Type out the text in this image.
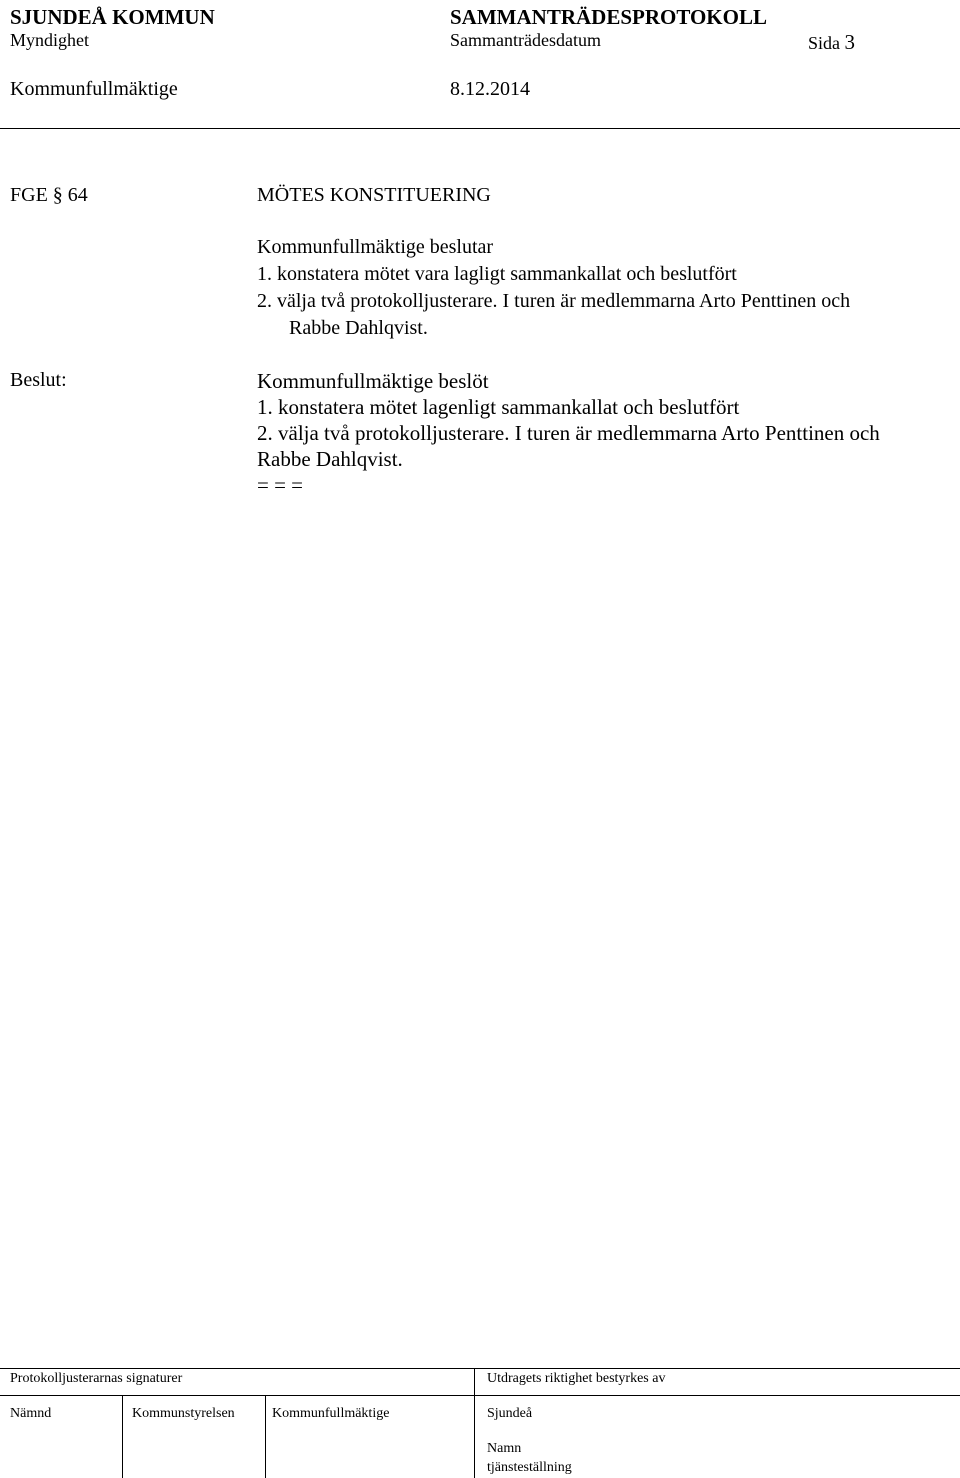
SJUNDEÅ KOMMUN	SAMMANTRÄDESPROTOKOLL
Myndighet	Sammanträdesdatum	Sida 3
Kommunfullmäktige	8.12.2014
FGE § 64	MÖTES KONSTITUERING
Kommunfullmäktige beslutar
1. konstatera mötet vara lagligt sammankallat och beslutfört
2. välja två protokolljusterare. I turen är medlemmarna Arto Penttinen och
Rabbe Dahlqvist.
Beslut:	Kommunfullmäktige beslöt
1. konstatera mötet lagenligt sammankallat och beslutfört
2. välja två protokolljusterare. I turen är medlemmarna Arto Penttinen och
Rabbe Dahlqvist.
= = =
Protokolljusterarnas signaturer	Utdragets riktighet bestyrkes av
Nämnd	Kommunstyrelsen	Kommunfullmäktige	Sjundeå
Namn
tjänsteställning
